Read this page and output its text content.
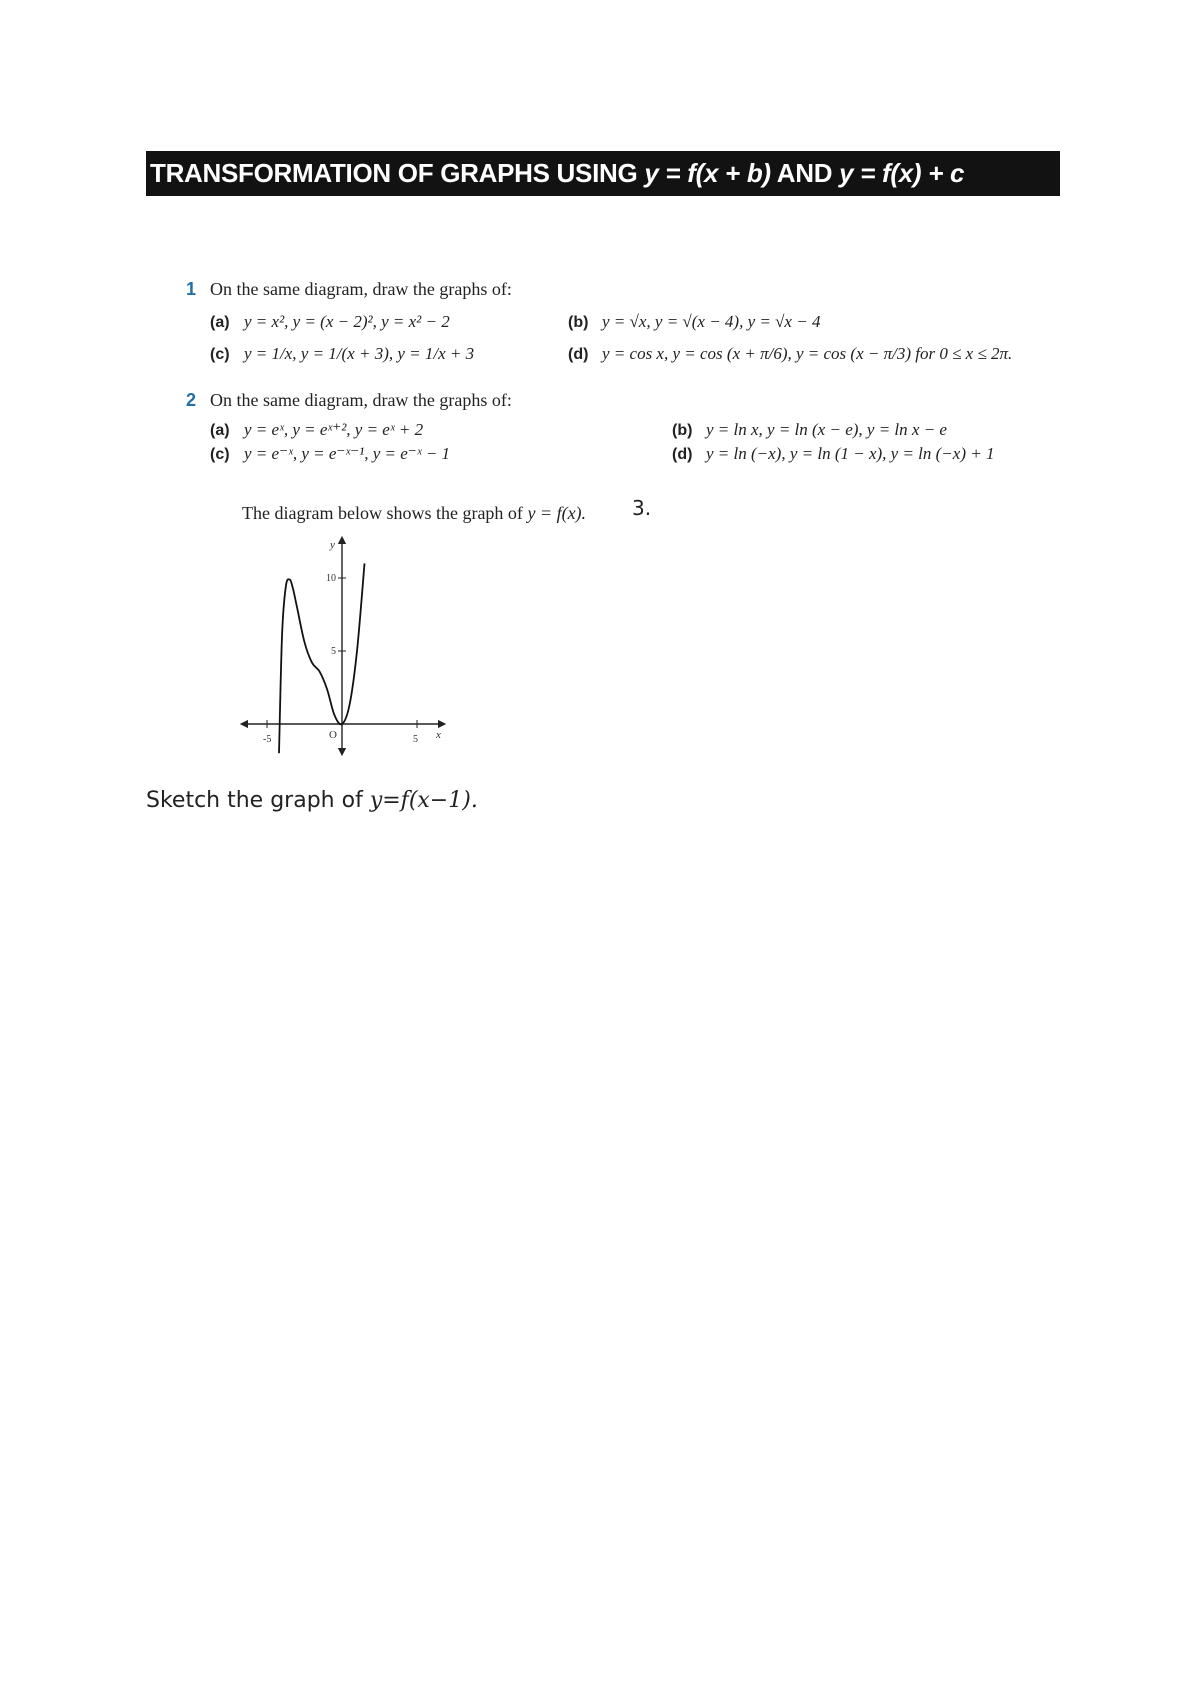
TRANSFORMATION OF GRAPHS USING y = f(x + b) AND y = f(x) + c
1 On the same diagram, draw the graphs of:
(a) y = x², y = (x − 2)², y = x² − 2	(b) y = √x, y = √(x − 4), y = √x − 4
(c) y = 1/x, y = 1/(x + 3), y = 1/x + 3	(d) y = cos x, y = cos (x + π/6), y = cos (x − π/3) for 0 ≤ x ≤ 2π.
2 On the same diagram, draw the graphs of:
(a) y = eˣ, y = eˣ⁺², y = eˣ + 2	(b) y = ln x, y = ln (x − e), y = ln x − e
(c) y = e⁻ˣ, y = e⁻ˣ⁻¹, y = e⁻ˣ − 1	(d) y = ln (−x), y = ln (1 − x), y = ln (−x) + 1
The diagram below shows the graph of y = f(x). 3.
-5	5
5
10
O	x
y
Sketch the graph of y=f(x−1).
